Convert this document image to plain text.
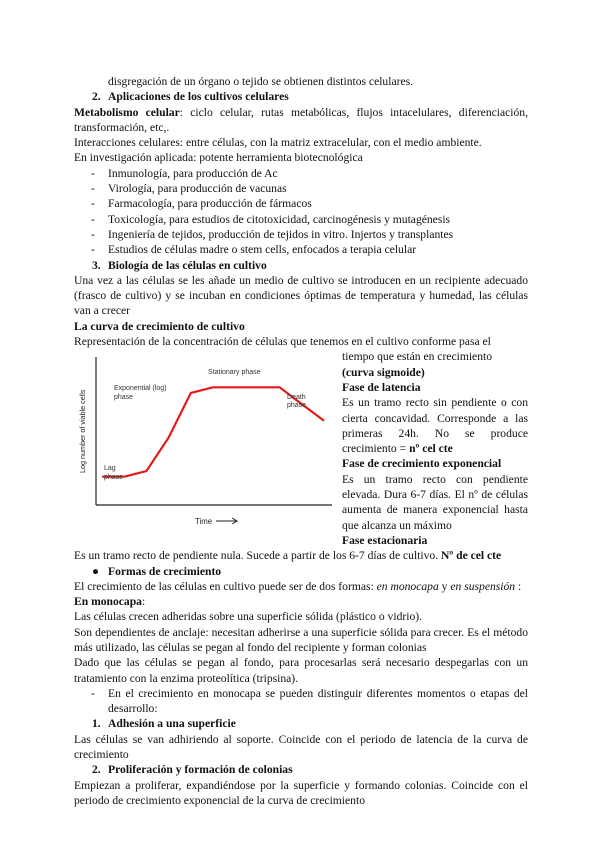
disgregación de un órgano o tejido se obtienen distintos celulares.

2. Aplicaciones de los cultivos celulares

Metabolismo celular: ciclo celular, rutas metabólicas, flujos intacelulares, diferenciación, transformación, etc,.

Interacciones celulares: entre células, con la matriz extracelular, con el medio ambiente.

En investigación aplicada: potente herramienta biotecnológica

- Inmunología, para producción de Ac
- Virología, para producción de vacunas
- Farmacología, para producción de fármacos
- Toxicología, para estudios de citotoxicidad, carcinogénesis y mutagénesis
- Ingeniería de tejidos, producción de tejidos in vitro. Injertos y transplantes
- Estudios de células madre o stem cells, enfocados a terapia celular

3. Biología de las células en cultivo

Una vez a las células se les añade un medio de cultivo se introducen en un recipiente adecuado (frasco de cultivo) y se incuban en condiciones óptimas de temperatura y humedad, las células van a crecer

La curva de crecimiento de cultivo

Representación de la concentración de células que tenemos en el cultivo conforme pasa el

Log number of viable cells
Time
Lag
phase
Exponential (log)
phase
Stationary phase
Death
phase

tiempo que están en crecimiento

(curva sigmoide)

Fase de latencia

Es un tramo recto sin pendiente o con cierta concavidad. Corresponde a las primeras 24h. No se produce crecimiento = nº cel cte

Fase de crecimiento exponencial

Es un tramo recto con pendiente elevada. Dura 6-7 días. El nº de células aumenta de manera exponencial hasta que alcanza un máximo

Fase estacionaria

Es un tramo recto de pendiente nula. Sucede a partir de los 6-7 días de cultivo. Nº de cel cte

● Formas de crecimiento

El crecimiento de las células en cultivo puede ser de dos formas: en monocapa y en suspensión :

En monocapa:

Las células crecen adheridas sobre una superficie sólida (plástico o vidrio).

Son dependientes de anclaje: necesitan adherirse a una superficie sólida para crecer. Es el método más utilizado, las células se pegan al fondo del recipiente y forman colonias

Dado que las células se pegan al fondo, para procesarlas será necesario despegarlas con un tratamiento con la enzima proteolítica (tripsina).

- En el crecimiento en monocapa se pueden distinguir diferentes momentos o etapas del desarrollo:

1. Adhesión a una superficie

Las células se van adhiriendo al soporte. Coincide con el periodo de latencia de la curva de crecimiento

2. Proliferación y formación de colonias

Empiezan a proliferar, expandiéndose por la superficie y formando colonias. Coincide con el periodo de crecimiento exponencial de la curva de crecimiento
